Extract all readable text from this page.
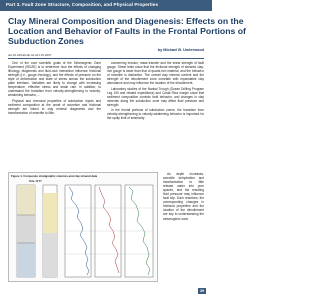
Part 3. Fault Zone Structure, Composition, and Physical Properties
Clay Mineral Composition and Diagenesis: Effects on the
Location and Behavior of Faults in the Frontal Portions of
Subduction Zones
by Michael B. Underwood
doi:10.2204/iodp.sd.s01.15.2007

One of the core scientific goals of the Seismogenic Zone Experiment (SEIZE) is to determine how the effects of changing lithology, diagenesis and fluid-rock interaction influence frictional strength (i.e., gouge rheology), and the effects of pressure on the style of deformation and state of stress across the subduction plate interface. Variables are likely to change with increasing temperature, effective stress and strain rate. In addition, to understand the transition from velocity-strengthening to velocity-weakening behavior, ...

Physical and chemical properties of subduction inputs and sediment composition at the onset of accretion and frictional strength are linked to clay mineral diagenesis and the transformation of smectite to illite.

concerning erosion, mass transfer and the shear strength of fault gouge. Shear tests show that the frictional strength of sheared clay-rich gouge is lower than that of quartz-rich material, and the behavior of smectite is distinctive. The overall clay mineral content and the strength of the décollement zone correlate with expandable clay abundance and may influence the location of the décollement.

Laboratory studies of the Nankai Trough (Ocean Drilling Program Leg 190 and related expeditions) and Costa Rica margin show that sediment composition controls fault behavior, and changes in clay minerals along the subduction zone may affect fluid pressure and strength.

In the frontal portions of subduction zones, the transition from velocity-strengthening to velocity-weakening behavior is important for the updip limit of seismicity.

Figure 1. Composite stratigraphic columns and clay mineral data
Site 1177

As depth increases, smectite dehydration and transformation to illite release water into pore spaces, and the resulting fluid pressure may influence fault slip. Such reactions, the corresponding changes in frictional properties and the location of the décollement are key to understanding the seismogenic zone.

39
